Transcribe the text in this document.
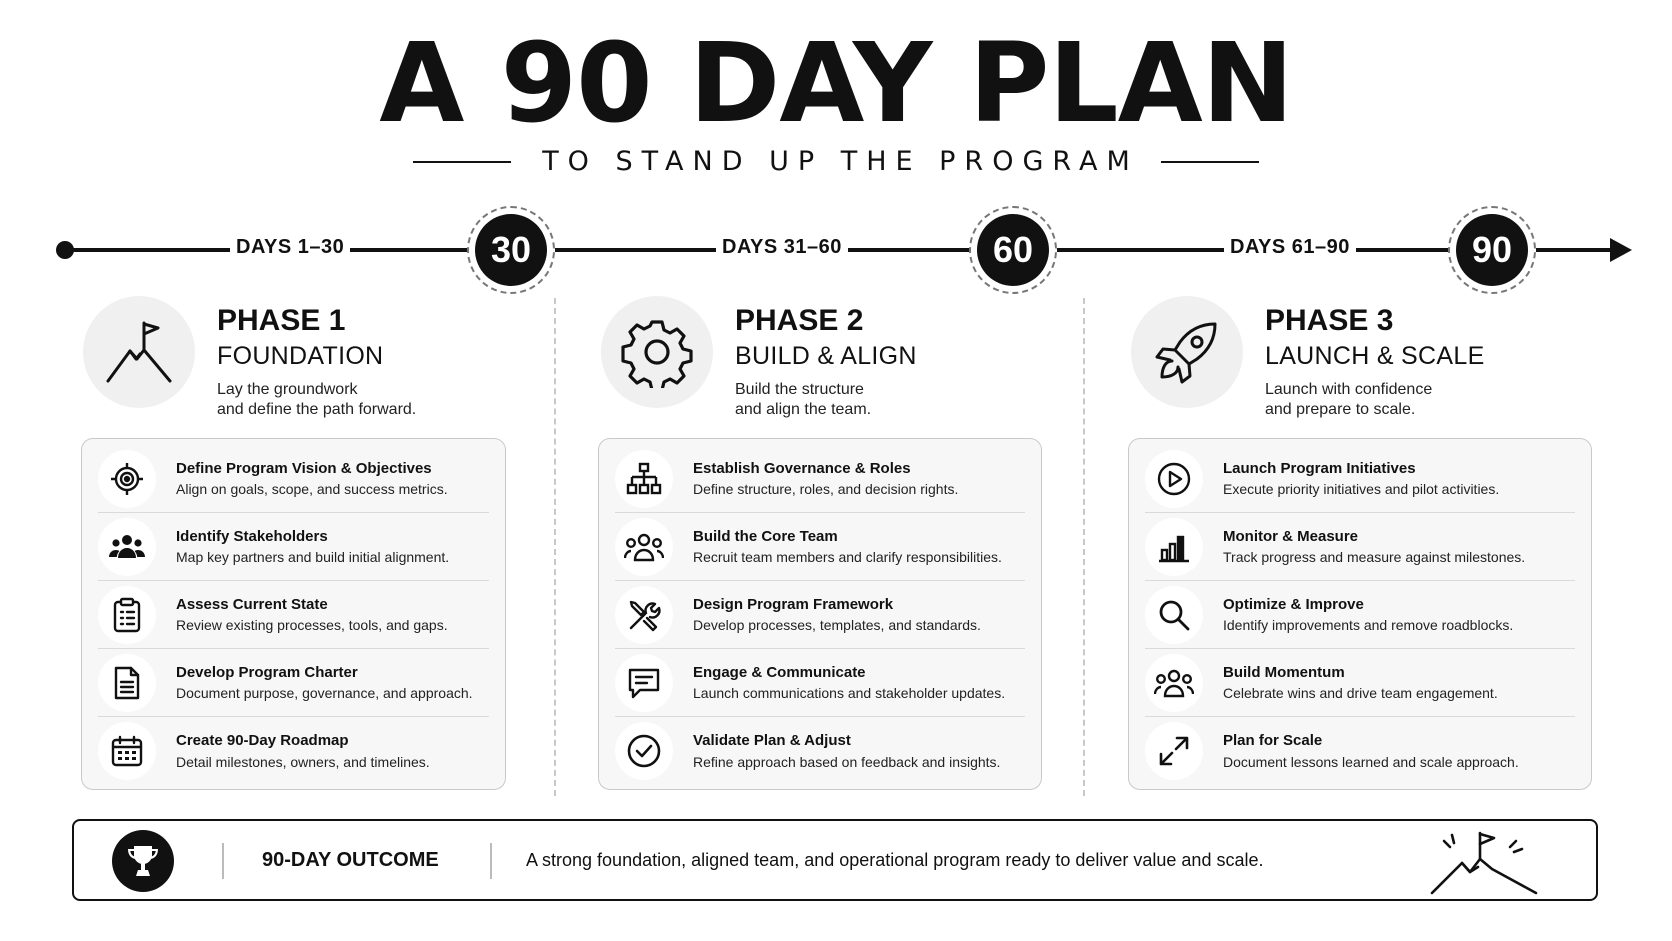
A 90 DAY PLAN
TO STAND UP THE PROGRAM
DAYS 1–30	DAYS 31–60	DAYS 61–90
30	60	90
PHASE 1
FOUNDATION
Lay the groundwork
and define the path forward.
Define Program Vision & Objectives
Align on goals, scope, and success metrics.
Identify Stakeholders
Map key partners and build initial alignment.
Assess Current State
Review existing processes, tools, and gaps.
Develop Program Charter
Document purpose, governance, and approach.
Create 90-Day Roadmap
Detail milestones, owners, and timelines.
PHASE 2
BUILD & ALIGN
Build the structure
and align the team.
Establish Governance & Roles
Define structure, roles, and decision rights.
Build the Core Team
Recruit team members and clarify responsibilities.
Design Program Framework
Develop processes, templates, and standards.
Engage & Communicate
Launch communications and stakeholder updates.
Validate Plan & Adjust
Refine approach based on feedback and insights.
PHASE 3
LAUNCH & SCALE
Launch with confidence
and prepare to scale.
Launch Program Initiatives
Execute priority initiatives and pilot activities.
Monitor & Measure
Track progress and measure against milestones.
Optimize & Improve
Identify improvements and remove roadblocks.
Build Momentum
Celebrate wins and drive team engagement.
Plan for Scale
Document lessons learned and scale approach.
90-DAY OUTCOME	A strong foundation, aligned team, and operational program ready to deliver value and scale.
